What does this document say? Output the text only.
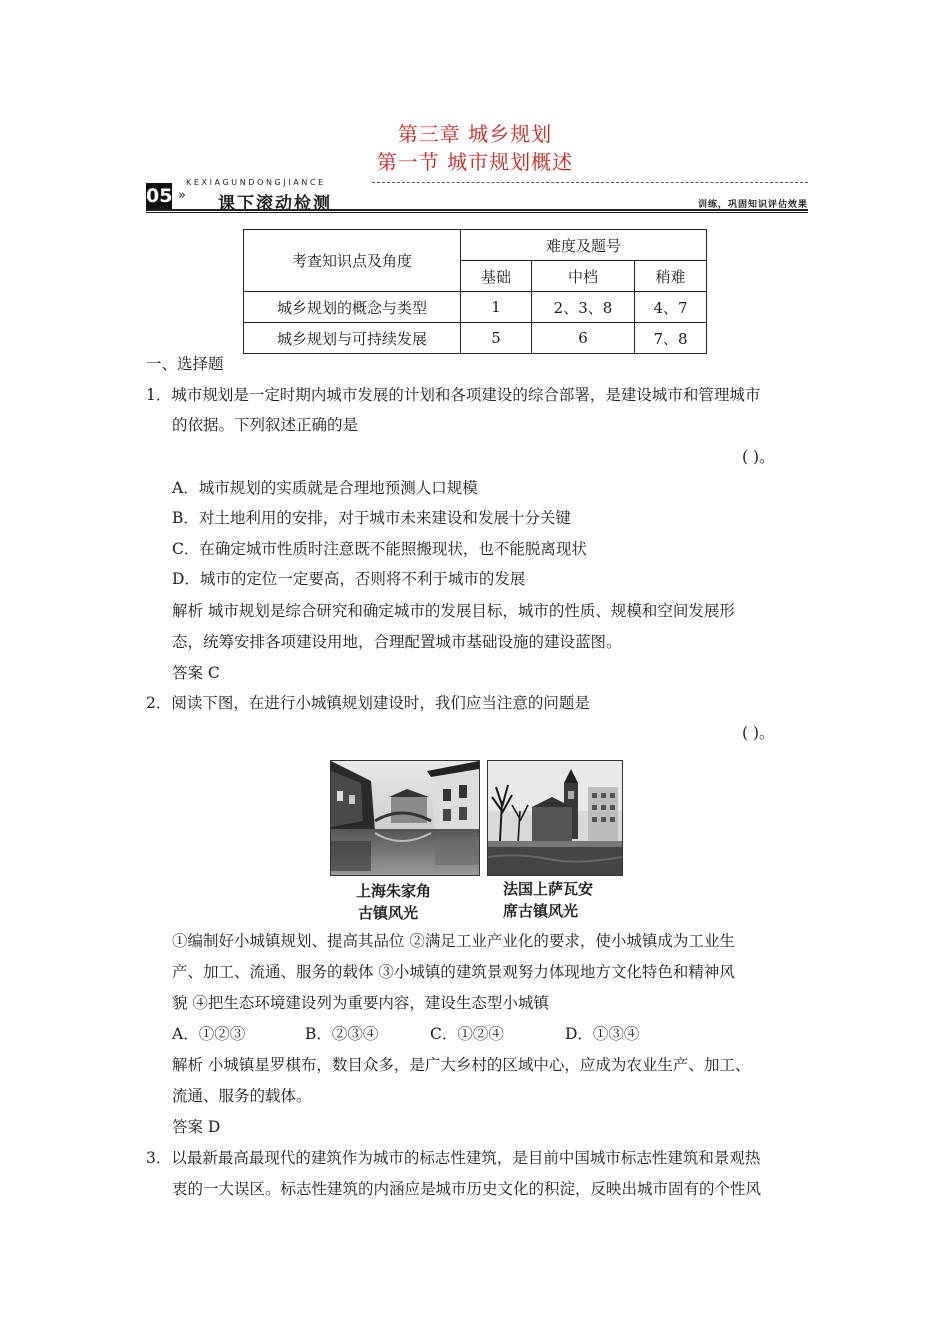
第三章 城乡规划
第一节 城市规划概述
KEXIAGUNDONGJIANCE
05 » 课下滚动检测	训练，巩固知识评估效果
考查知识点及角度	难度及题号		
	基础	中档	稍难
城乡规划的概念与类型	1	2、3、8	4、7
城乡规划与可持续发展	5	6	7、8
一、选择题
1．城市规划是一定时期内城市发展的计划和各项建设的综合部署，是建设城市和管理城市
的依据。下列叙述正确的是
( )。
A．城市规划的实质就是合理地预测人口规模
B．对土地利用的安排，对于城市未来建设和发展十分关键
C．在确定城市性质时注意既不能照搬现状，也不能脱离现状
D．城市的定位一定要高，否则将不利于城市的发展
解析 城市规划是综合研究和确定城市的发展目标，城市的性质、规模和空间发展形
态，统筹安排各项建设用地，合理配置城市基础设施的建设蓝图。
答案 C
2．阅读下图，在进行小城镇规划建设时，我们应当注意的问题是
( )。
上海朱家角
古镇风光
法国上萨瓦安
席古镇风光
①编制好小城镇规划、提高其品位 ②满足工业产业化的要求，使小城镇成为工业生
产、加工、流通、服务的载体 ③小城镇的建筑景观努力体现地方文化特色和精神风
貌 ④把生态环境建设列为重要内容，建设生态型小城镇
A．①②③	B．②③④	C．①②④	D．①③④
解析 小城镇星罗棋布，数目众多，是广大乡村的区域中心，应成为农业生产、加工、
流通、服务的载体。
答案 D
3．以最新最高最现代的建筑作为城市的标志性建筑，是目前中国城市标志性建筑和景观热
衷的一大误区。标志性建筑的内涵应是城市历史文化的积淀，反映出城市固有的个性风
